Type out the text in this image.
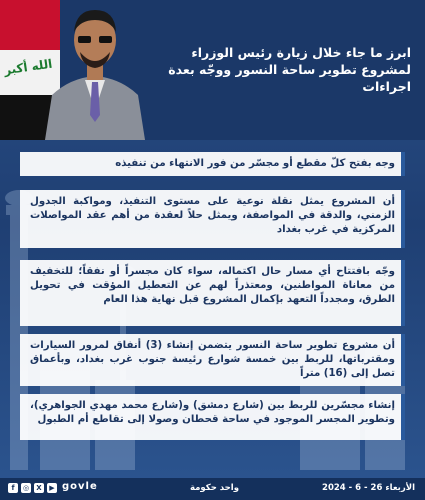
الله أكبر
ابرز ما جاء خلال زيارة رئيس الوزراء لمشروع تطوير ساحة النسور ووجّه بعدة اجراءات
وجه بفتح كلّ مقطع أو مجسّر من فور الانتهاء من تنفيذه
أن المشروع يمثل نقلة نوعية على مستوى التنفيذ، ومواكبة الجدول الزمني، والدقة في المواصفة، ويمثل حلاً لعقدة من أهم عقد المواصلات المركزية في غرب بغداد
وجّه بافتتاح أي مسار حال اكتماله، سواء كان مجسراً أو نفقاً؛ للتخفيف من معاناة المواطنين، ومعتذراً لهم عن التعطيل المؤقت في تحويل الطرق، ومجدداً التعهد بإكمال المشروع قبل نهاية هذا العام
أن مشروع تطوير ساحة النسور يتضمن إنشاء (3) أنفاق لمرور السيارات ومقترباتها، للربط بين خمسة شوارع رئيسة جنوب غرب بغداد، وبأعماق تصل إلى (16) متراً
إنشاء مجسّرين للربط بين (شارع دمشق) و(شارع محمد مهدي الجواهري)، وتطوير المجسر الموجود في ساحة قحطان وصولا إلى تقاطع أم الطبول
f	◎	X	▶ govle	واحد حكومة	الأربعاء 26 - 6 - 2024
